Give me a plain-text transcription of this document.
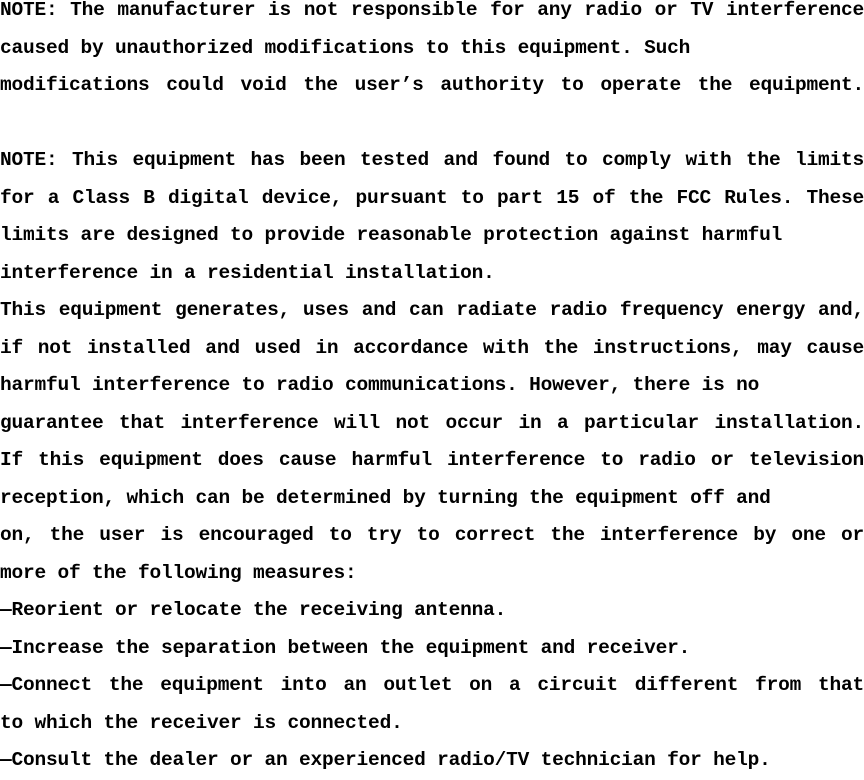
NOTE: The manufacturer is not responsible for any radio or TV interference
caused by unauthorized modifications to this equipment. Such
modifications could void the user’s authority to operate the equipment.
NOTE: This equipment has been tested and found to comply with the limits
for a Class B digital device, pursuant to part 15 of the FCC Rules. These
limits are designed to provide reasonable protection against harmful
interference in a residential installation.
This equipment generates, uses and can radiate radio frequency energy and,
if not installed and used in accordance with the instructions, may cause
harmful interference to radio communications. However, there is no
guarantee that interference will not occur in a particular installation.
If this equipment does cause harmful interference to radio or television
reception, which can be determined by turning the equipment off and
on, the user is encouraged to try to correct the interference by one or
more of the following measures:
—Reorient or relocate the receiving antenna.
—Increase the separation between the equipment and receiver.
—Connect the equipment into an outlet on a circuit different from that
to which the receiver is connected.
—Consult the dealer or an experienced radio/TV technician for help.
